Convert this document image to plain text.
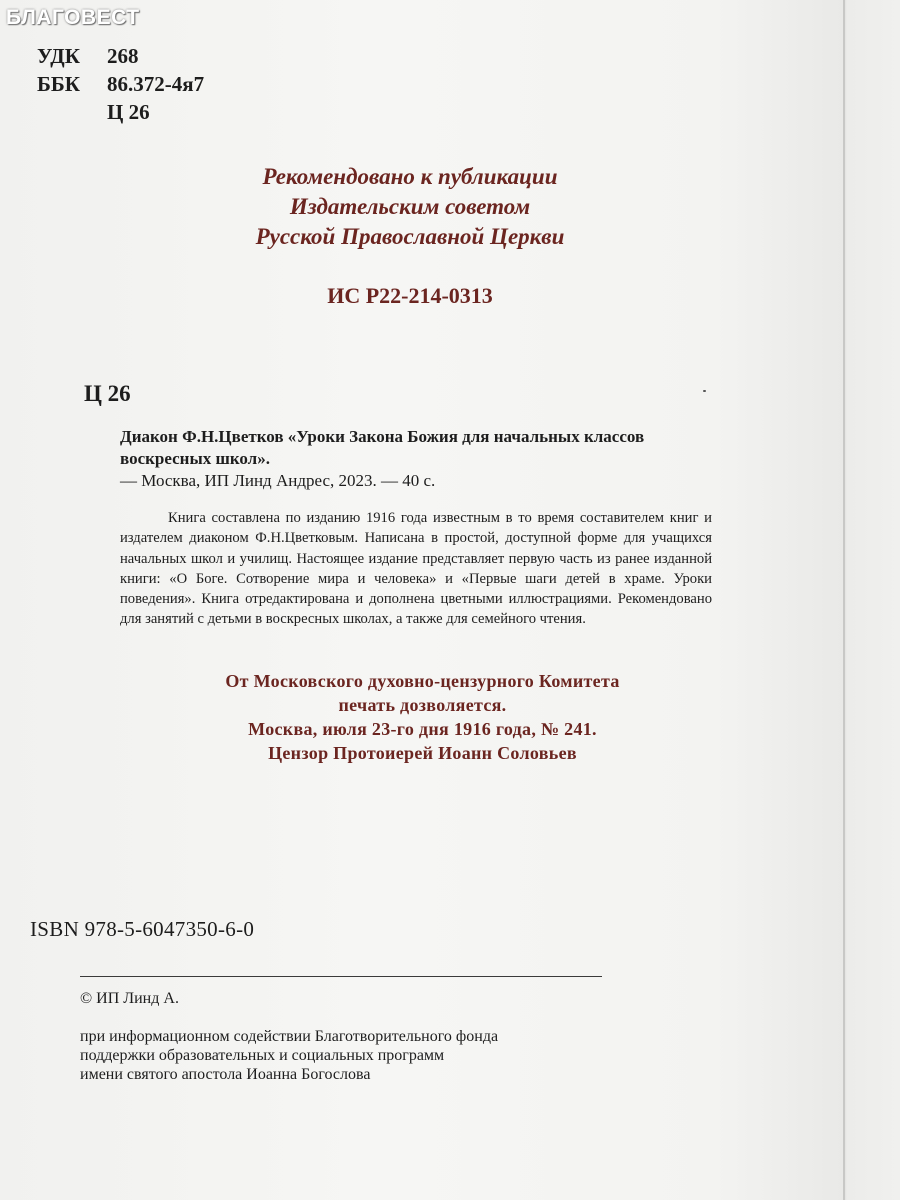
БЛАГОВЕСТ
УДК	268
ББК	86.372-4я7
Ц 26
Рекомендовано к публикации
Издательским советом
Русской Православной Церкви
ИС Р22-214-0313
Ц 26
Диакон Ф.Н.Цветков «Уроки Закона Божия для начальных классов
воскресных школ».
— Москва, ИП Линд Андрес, 2023. — 40 с.
Книга составлена по изданию 1916 года известным в то время составителем книг и издателем диаконом Ф.Н.Цветковым. Написана в простой, доступной форме для учащихся начальных школ и училищ. Настоящее издание представляет первую часть из ранее изданной книги: «О Боге. Сотворение мира и человека» и «Первые шаги детей в храме. Уроки поведения». Книга отредактирована и дополнена цветными иллюстрациями. Рекомендовано для занятий с детьми в воскресных школах, а также для семейного чтения.
От Московского духовно-цензурного Комитета
печать дозволяется.
Москва, июля 23-го дня 1916 года, № 241.
Цензор Протоиерей Иоанн Соловьев
ISBN 978-5-6047350-6-0
© ИП Линд А.
при информационном содействии Благотворительного фонда
поддержки образовательных и социальных программ
имени святого апостола Иоанна Богослова
